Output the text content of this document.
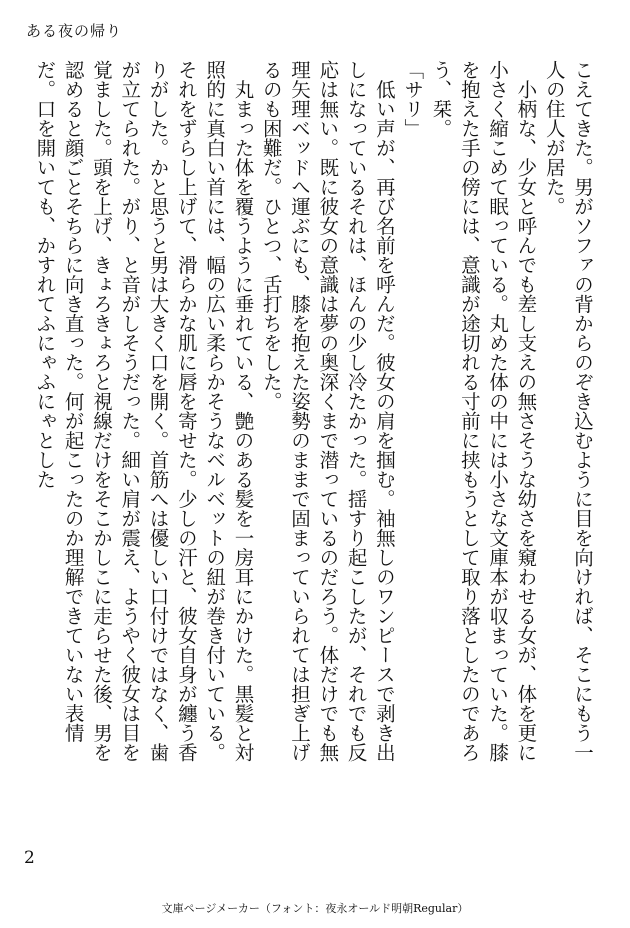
ある夜の帰り

こえてきた。男がソファの背からのぞき込むように目を向ければ、そこにもう一人の住人が居た。

　小柄な、少女と呼んでも差し支えの無さそうな幼さを窺わせる女が、体を更に小さく縮こめて眠っている。丸めた体の中には小さな文庫本が収まっていた。膝を抱えた手の傍には、意識が途切れる寸前に挟もうとして取り落としたのであろう、栞。

「サリ」

　低い声が、再び名前を呼んだ。彼女の肩を掴む。袖無しのワンピースで剥き出しになっているそれは、ほんの少し冷たかった。揺すり起こしたが、それでも反応は無い。既に彼女の意識は夢の奥深くまで潜っているのだろう。体だけでも無理矢理ベッドへ運ぶにも、膝を抱えた姿勢のままで固まっていられては担ぎ上げるのも困難だ。ひとつ、舌打ちをした。

　丸まった体を覆うように垂れている、艶のある髪を一房耳にかけた。黒髪と対照的に真白い首には、幅の広い柔らかそうなベルベットの紐が巻き付いている。それをずらし上げて、滑らかな肌に唇を寄せた。少しの汗と、彼女自身が纏う香りがした。かと思うと男は大きく口を開く。首筋へは優しい口付けではなく、歯が立てられた。がり、と音がしそうだった。細い肩が震え、ようやく彼女は目を覚ました。頭を上げ、きょろきょろと視線だけをそこかしこに走らせた後、男を認めると顔ごとそちらに向き直った。何が起こったのか理解できていない表情だ。口を開いても、かすれてふにゃふにゃとした

2
文庫ページメーカー（フォント：夜永オールド明朝Regular）
